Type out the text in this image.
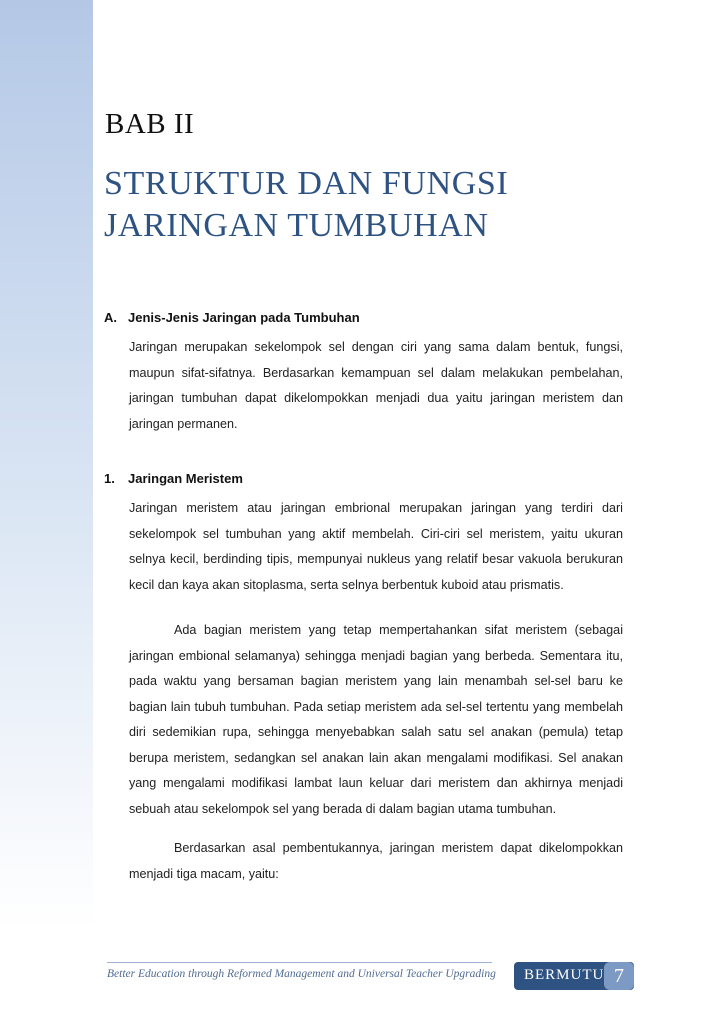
BAB II
STRUKTUR DAN FUNGSI
JARINGAN TUMBUHAN
A. Jenis-Jenis Jaringan pada Tumbuhan

Jaringan merupakan sekelompok sel dengan ciri yang sama dalam bentuk, fungsi, maupun sifat-sifatnya. Berdasarkan kemampuan sel dalam melakukan pembelahan, jaringan tumbuhan dapat dikelompokkan menjadi dua yaitu jaringan meristem dan jaringan permanen.

1. Jaringan Meristem

Jaringan meristem atau jaringan embrional merupakan jaringan yang terdiri dari sekelompok sel tumbuhan yang aktif membelah. Ciri-ciri sel meristem, yaitu ukuran selnya kecil, berdinding tipis, mempunyai nukleus yang relatif besar vakuola berukuran kecil dan kaya akan sitoplasma, serta selnya berbentuk kuboid atau prismatis.

Ada bagian meristem yang tetap mempertahankan sifat meristem (sebagai jaringan embional selamanya) sehingga menjadi bagian yang berbeda. Sementara itu, pada waktu yang bersaman bagian meristem yang lain menambah sel-sel baru ke bagian lain tubuh tumbuhan. Pada setiap meristem ada sel-sel tertentu yang membelah diri sedemikian rupa, sehingga menyebabkan salah satu sel anakan (pemula) tetap berupa meristem, sedangkan sel anakan lain akan mengalami modifikasi. Sel anakan yang mengalami modifikasi lambat laun keluar dari meristem dan akhirnya menjadi sebuah atau sekelompok sel yang berada di dalam bagian utama tumbuhan.

Berdasarkan asal pembentukannya, jaringan meristem dapat dikelompokkan menjadi tiga macam, yaitu:

Better Education through Reformed Management and Universal Teacher Upgrading BERMUTU 7
